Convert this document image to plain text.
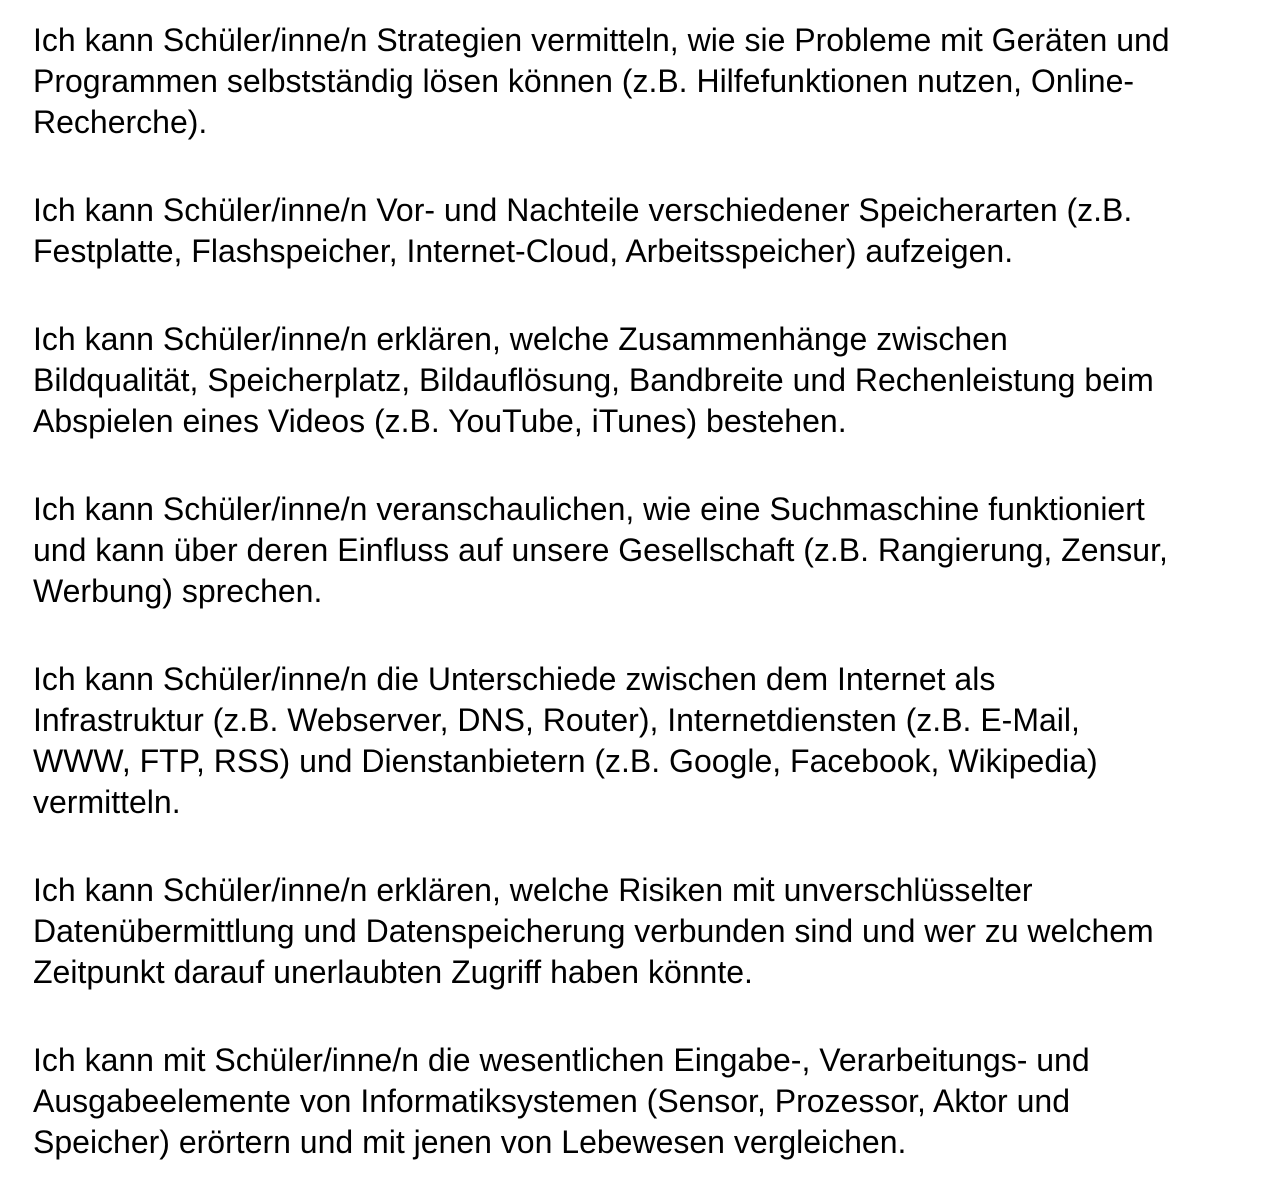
Ich kann Schüler/inne/n Strategien vermitteln, wie sie Probleme mit Geräten und
Programmen selbstständig lösen können (z.B. Hilfefunktionen nutzen, Online-
Recherche).

Ich kann Schüler/inne/n Vor- und Nachteile verschiedener Speicherarten (z.B.
Festplatte, Flashspeicher, Internet-Cloud, Arbeitsspeicher) aufzeigen.

Ich kann Schüler/inne/n erklären, welche Zusammenhänge zwischen
Bildqualität, Speicherplatz, Bildauflösung, Bandbreite und Rechenleistung beim
Abspielen eines Videos (z.B. YouTube, iTunes) bestehen.

Ich kann Schüler/inne/n veranschaulichen, wie eine Suchmaschine funktioniert
und kann über deren Einfluss auf unsere Gesellschaft (z.B. Rangierung, Zensur,
Werbung) sprechen.

Ich kann Schüler/inne/n die Unterschiede zwischen dem Internet als
Infrastruktur (z.B. Webserver, DNS, Router), Internetdiensten (z.B. E-Mail,
WWW, FTP, RSS) und Dienstanbietern (z.B. Google, Facebook, Wikipedia)
vermitteln.

Ich kann Schüler/inne/n erklären, welche Risiken mit unverschlüsselter
Datenübermittlung und Datenspeicherung verbunden sind und wer zu welchem
Zeitpunkt darauf unerlaubten Zugriff haben könnte.

Ich kann mit Schüler/inne/n die wesentlichen Eingabe-, Verarbeitungs- und
Ausgabeelemente von Informatiksystemen (Sensor, Prozessor, Aktor und
Speicher) erörtern und mit jenen von Lebewesen vergleichen.
